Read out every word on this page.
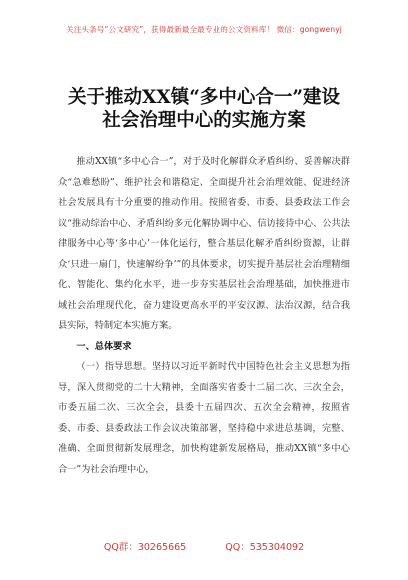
关注头条号“公文研究”，获得最新最全最专业的公文资料库！ 微信：gongwenyj
关于推动XX镇“多中心合一”建设
社会治理中心的实施方案

推动XX镇“多中心合一”，对于及时化解群众矛盾纠纷、妥善解决群众“急难愁盼”、维护社会和谐稳定、全面提升社会治理效能、促进经济社会发展具有十分重要的推动作用。按照省委、市委、县委政法工作会议“推动综治中心、矛盾纠纷多元化解协调中心、信访接待中心、公共法律服务中心等‘多中心’一体化运行，整合基层化解矛盾纠纷资源，让群众‘只进一扇门，快速解纷争’”的具体要求，切实提升基层社会治理精细化、智能化、集约化水平，进一步夯实基层社会治理基础，加快推进市域社会治理现代化，奋力建设更高水平的平安汉源、法治汉源，结合我县实际，特制定本实施方案。

一、总体要求

（一）指导思想。坚持以习近平新时代中国特色社会主义思想为指导，深入贯彻党的二十大精神，全面落实省委十二届二次、三次全会，市委五届二次、三次全会，县委十五届四次、五次全会精神，按照省委、市委、县委政法工作会议决策部署，坚持稳中求进总基调，完整、准确、全面贯彻新发展理念，加快构建新发展格局，推动XX镇“多中心合一”为社会治理中心，

QQ群：30265665	QQ：535304092
